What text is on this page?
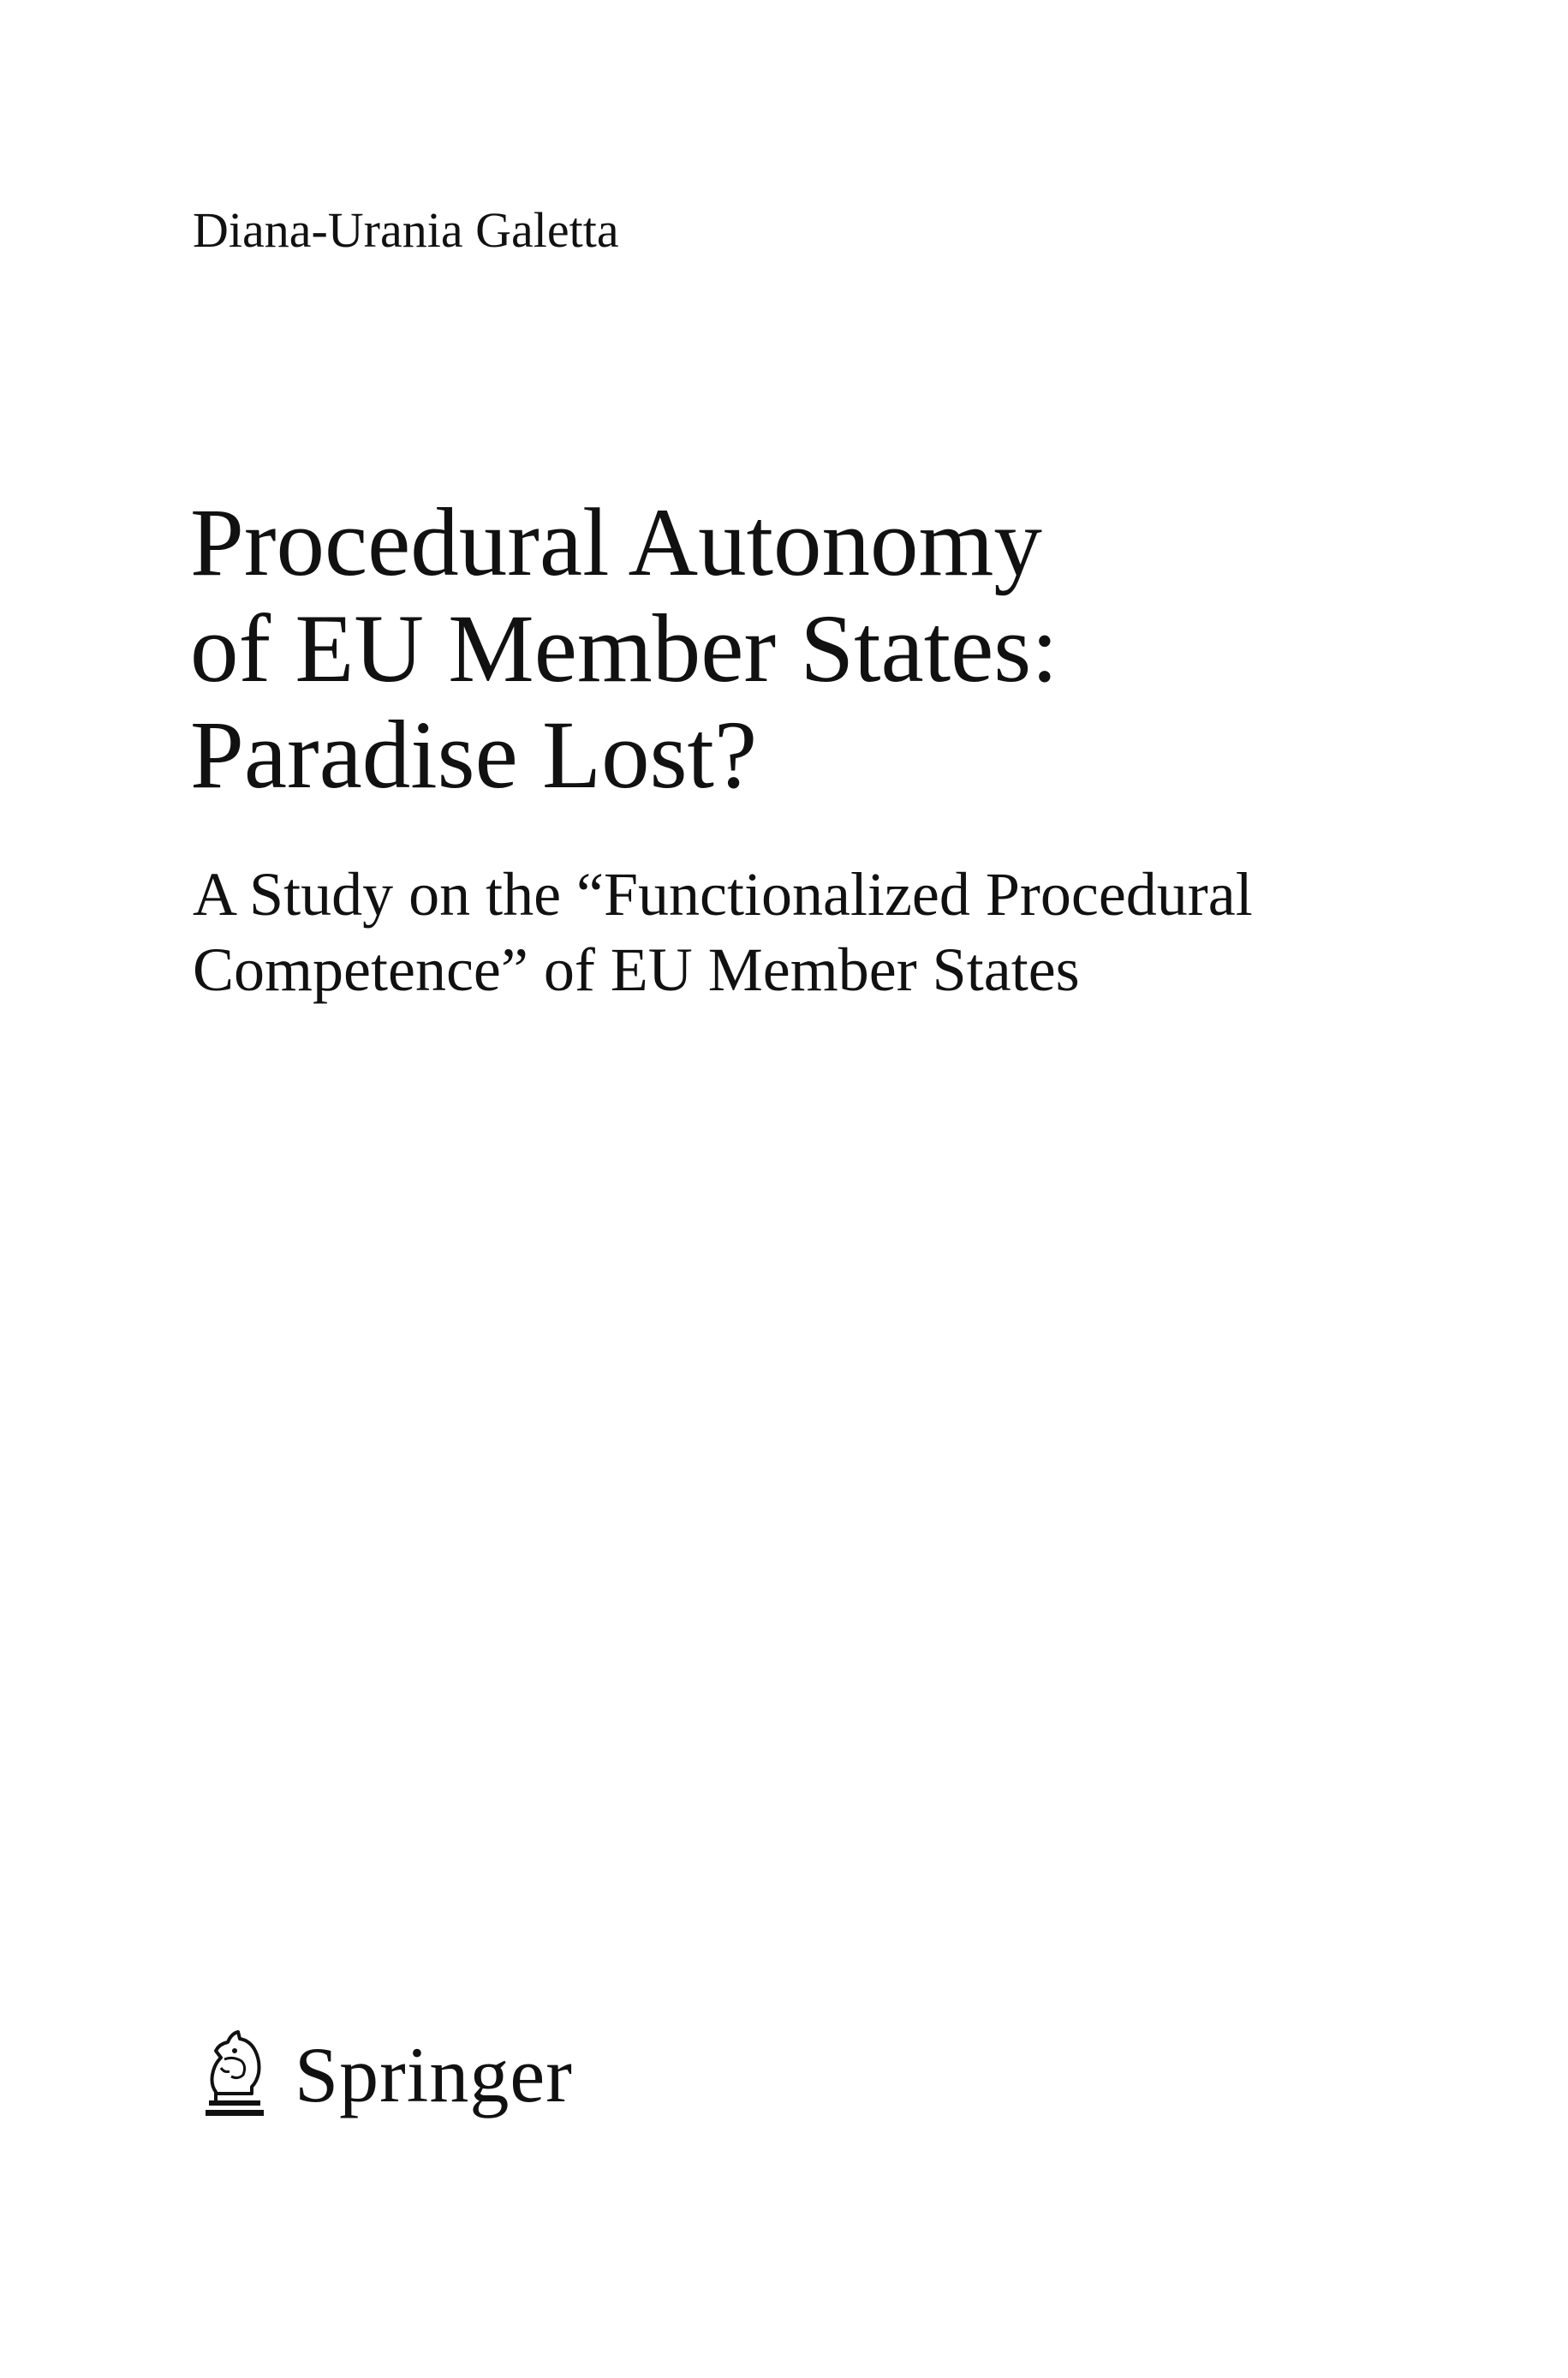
Diana-Urania Galetta
Procedural Autonomy
of EU Member States:
Paradise Lost?
A Study on the “Functionalized Procedural
Competence” of EU Member States
Springer
